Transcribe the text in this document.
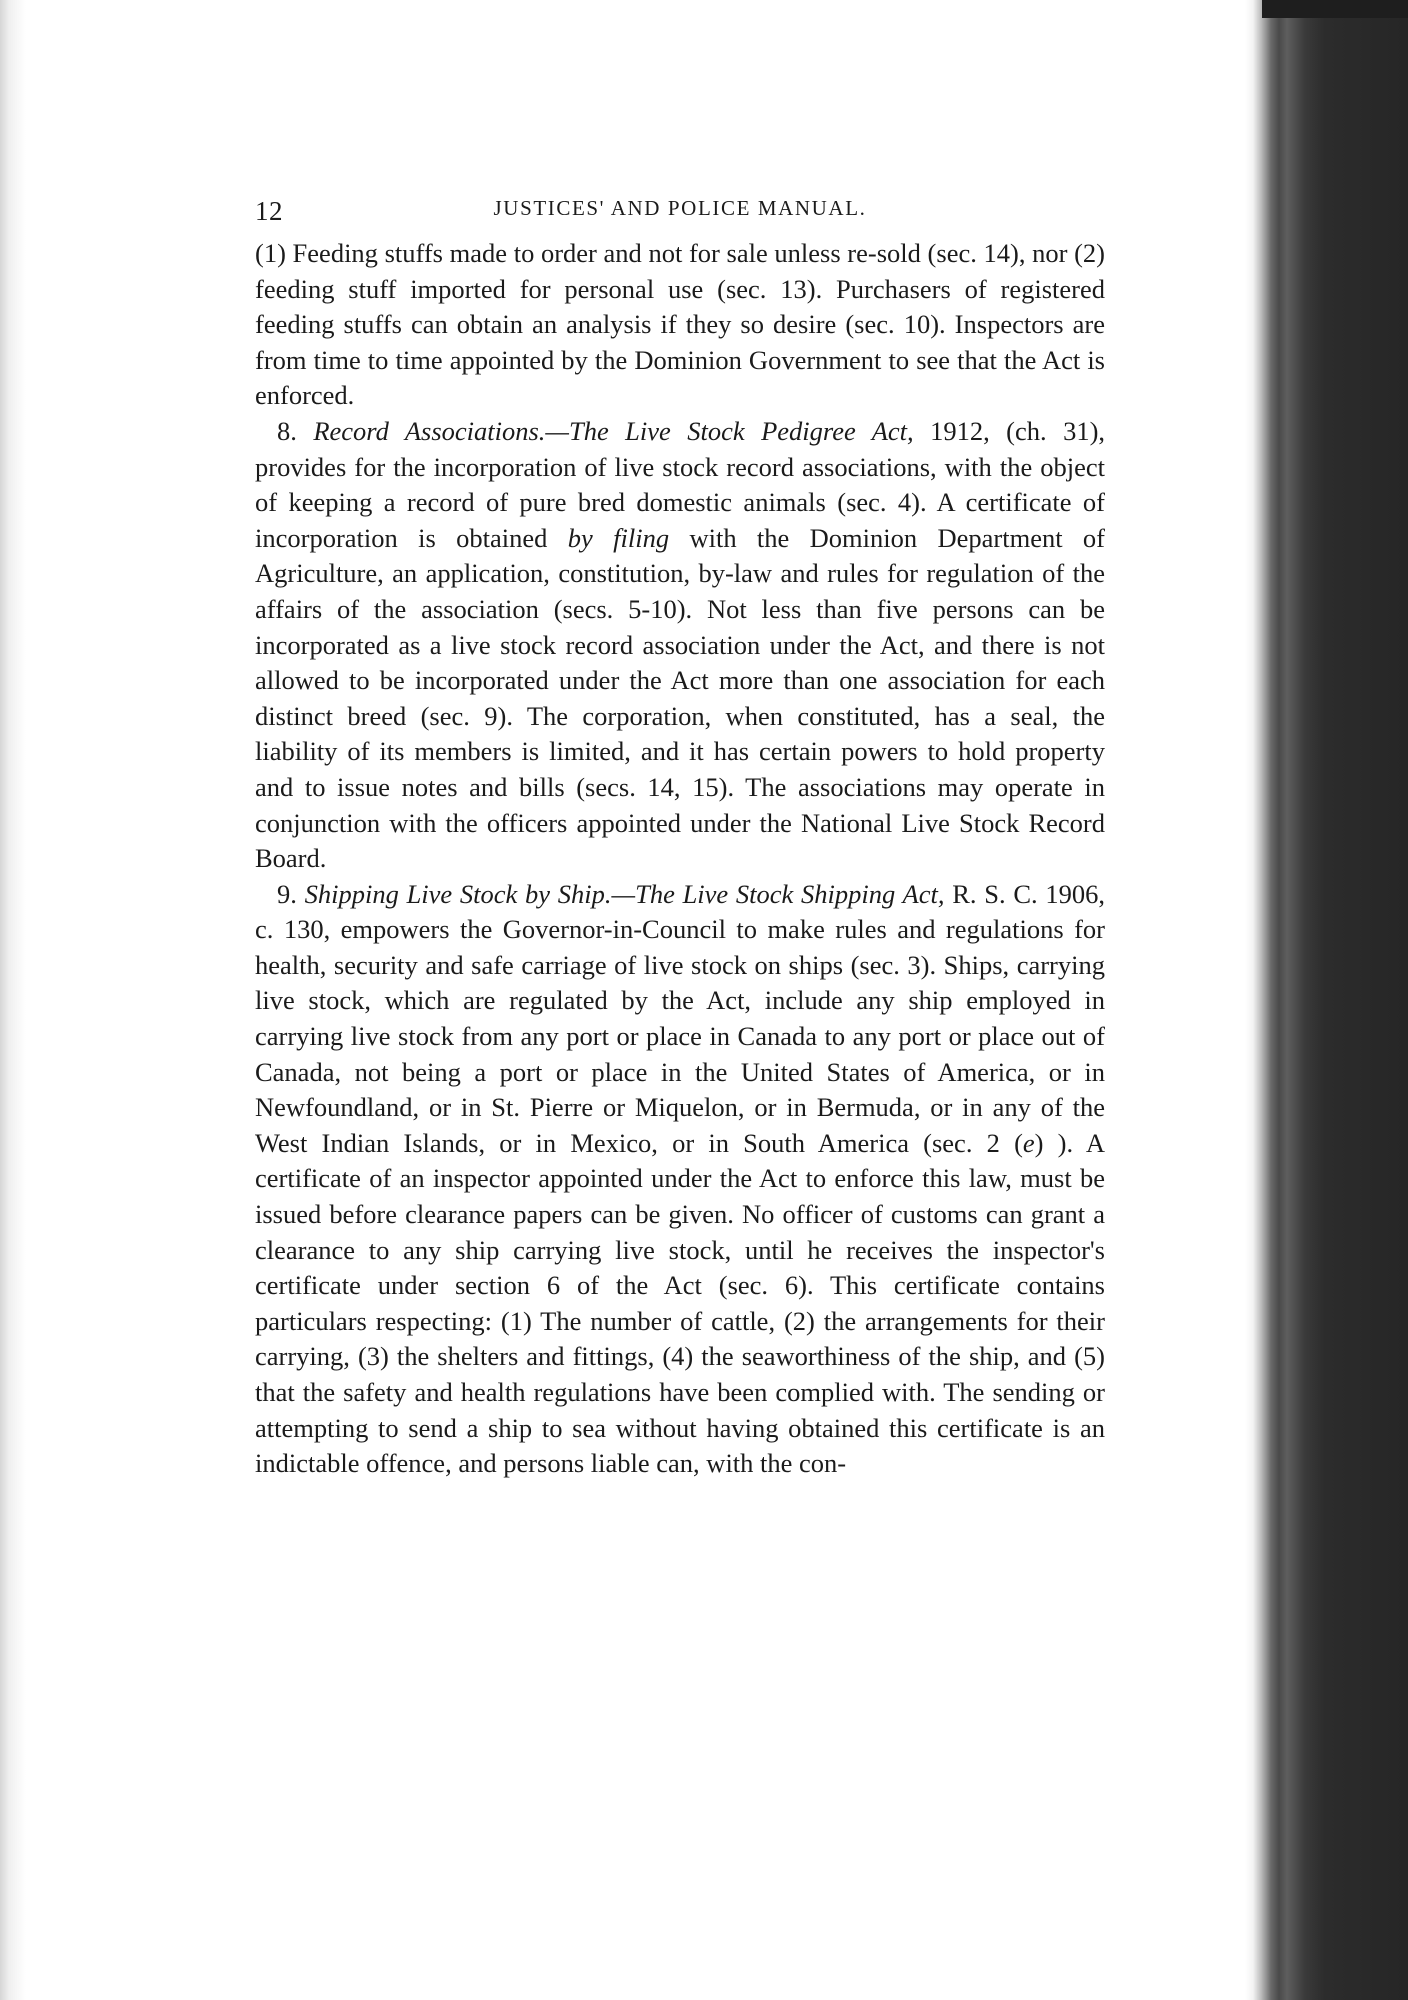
12	JUSTICES' AND POLICE MANUAL.

(1) Feeding stuffs made to order and not for sale unless re-sold (sec. 14), nor (2) feeding stuff imported for personal use (sec. 13). Purchasers of registered feeding stuffs can obtain an analysis if they so desire (sec. 10). Inspectors are from time to time appointed by the Dominion Government to see that the Act is enforced.

8. Record Associations.—The Live Stock Pedigree Act, 1912, (ch. 31), provides for the incorporation of live stock record associations, with the object of keeping a record of pure bred domestic animals (sec. 4). A certificate of incorporation is obtained by filing with the Dominion Department of Agriculture, an application, constitution, by-law and rules for regulation of the affairs of the association (secs. 5-10). Not less than five persons can be incorporated as a live stock record association under the Act, and there is not allowed to be incorporated under the Act more than one association for each distinct breed (sec. 9). The corporation, when constituted, has a seal, the liability of its members is limited, and it has certain powers to hold property and to issue notes and bills (secs. 14, 15). The associations may operate in conjunction with the officers appointed under the National Live Stock Record Board.

9. Shipping Live Stock by Ship.—The Live Stock Shipping Act, R. S. C. 1906, c. 130, empowers the Governor-in-Council to make rules and regulations for health, security and safe carriage of live stock on ships (sec. 3). Ships, carrying live stock, which are regulated by the Act, include any ship employed in carrying live stock from any port or place in Canada to any port or place out of Canada, not being a port or place in the United States of America, or in Newfoundland, or in St. Pierre or Miquelon, or in Bermuda, or in any of the West Indian Islands, or in Mexico, or in South America (sec. 2 (e) ). A certificate of an inspector appointed under the Act to enforce this law, must be issued before clearance papers can be given. No officer of customs can grant a clearance to any ship carrying live stock, until he receives the inspector's certificate under section 6 of the Act (sec. 6). This certificate contains particulars respecting: (1) The number of cattle, (2) the arrangements for their carrying, (3) the shelters and fittings, (4) the seaworthiness of the ship, and (5) that the safety and health regulations have been complied with. The sending or attempting to send a ship to sea without having obtained this certificate is an indictable offence, and persons liable can, with the con-
